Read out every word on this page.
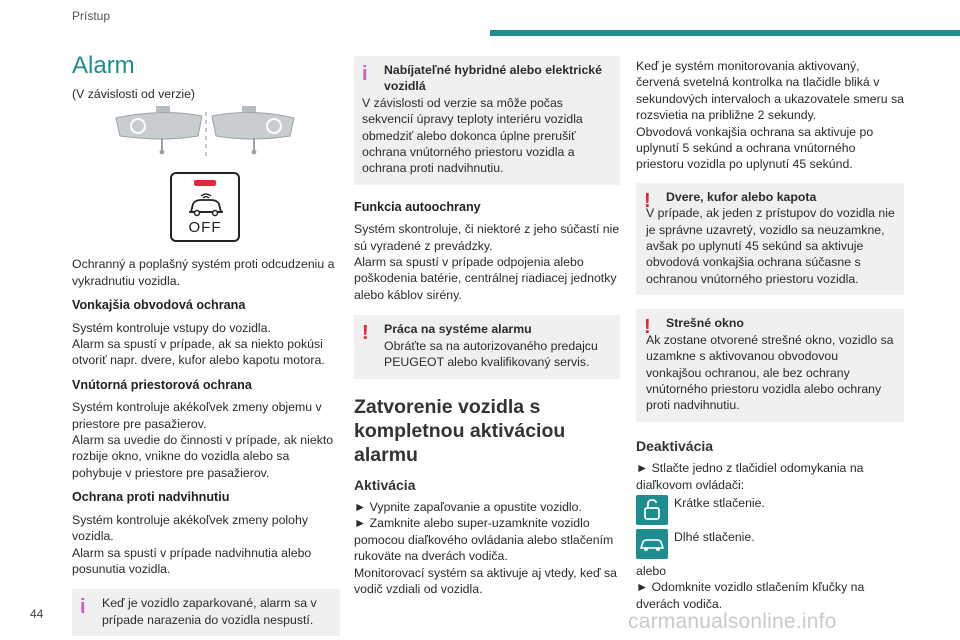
Prístup
Alarm

(V závislosti od verzie)

OFF

Ochranný a poplašný systém proti odcudzeniu a vykradnutiu vozidla.

Vonkajšia obvodová ochrana

Systém kontroluje vstupy do vozidla.

Alarm sa spustí v prípade, ak sa niekto pokúsi otvoriť napr. dvere, kufor alebo kapotu motora.

Vnútorná priestorová ochrana

Systém kontroluje akékoľvek zmeny objemu v priestore pre pasažierov.

Alarm sa uvedie do činnosti v prípade, ak niekto rozbije okno, vnikne do vozidla alebo sa pohybuje v priestore pre pasažierov.

Ochrana proti nadvihnutiu

Systém kontroluje akékoľvek zmeny polohy vozidla.

Alarm sa spustí v prípade nadvihnutia alebo posunutia vozidla.

i	Keď je vozidlo zaparkované, alarm sa v prípade narazenia do vozidla nespustí.

i	Nabíjateľné hybridné alebo elektrické vozidlá

V závislosti od verzie sa môže počas sekvencií úpravy teploty interiéru vozidla obmedziť alebo dokonca úplne prerušiť ochrana vnútorného priestoru vozidla a ochrana proti nadvihnutiu.

Funkcia autoochrany

Systém skontroluje, či niektoré z jeho súčastí nie sú vyradené z prevádzky.

Alarm sa spustí v prípade odpojenia alebo poškodenia batérie, centrálnej riadiacej jednotky alebo káblov sirény.

!	Práca na systéme alarmu

Obráťte sa na autorizovaného predajcu PEUGEOT alebo kvalifikovaný servis.

Zatvorenie vozidla s kompletnou aktiváciou alarmu
Aktivácia

► Vypnite zapaľovanie a opustite vozidlo.

► Zamknite alebo super-uzamknite vozidlo pomocou diaľkového ovládania alebo stlačením rukoväte na dverách vodiča.

Monitorovací systém sa aktivuje aj vtedy, keď sa vodič vzdiali od vozidla.

Keď je systém monitorovania aktivovaný, červená svetelná kontrolka na tlačidle bliká v sekundových intervaloch a ukazovatele smeru sa rozsvietia na približne 2 sekundy.

Obvodová vonkajšia ochrana sa aktivuje po uplynutí 5 sekúnd a ochrana vnútorného priestoru vozidla po uplynutí 45 sekúnd.

!	Dvere, kufor alebo kapota

V prípade, ak jeden z prístupov do vozidla nie je správne uzavretý, vozidlo sa neuzamkne, avšak po uplynutí 45 sekúnd sa aktivuje obvodová vonkajšia ochrana súčasne s ochranou vnútorného priestoru vozidla.

!	Strešné okno

Ak zostane otvorené strešné okno, vozidlo sa uzamkne s aktivovanou obvodovou vonkajšou ochranou, ale bez ochrany vnútorného priestoru vozidla alebo ochrany proti nadvihnutiu.

Deaktivácia

► Stlačte jedno z tlačidiel odomykania na diaľkovom ovládači:

Krátke stlačenie.
Dlhé stlačenie.

alebo

► Odomknite vozidlo stlačením kľučky na dverách vodiča.

44	carmanualsonline.info
